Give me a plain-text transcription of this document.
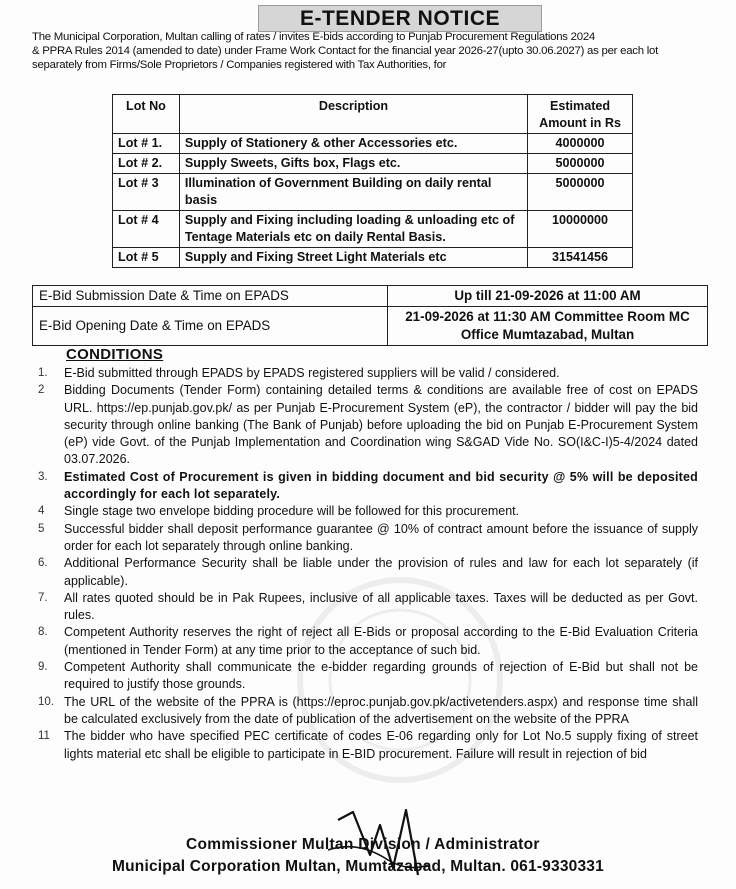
E-TENDER NOTICE

The Municipal Corporation, Multan calling of rates / invites E-bids according to Punjab Procurement Regulations 2024

& PPRA Rules 2014 (amended to date) under Frame Work Contact for the financial year 2026-27(upto 30.06.2027) as per each lot

separately from Firms/Sole Proprietors / Companies registered with Tax Authorities, for

Lot No	Description	Estimated Amount in Rs
Lot # 1.	Supply of Stationery & other Accessories etc.	4000000
Lot # 2.	Supply Sweets, Gifts box, Flags etc.	5000000
Lot # 3	Illumination of Government Building on daily rental basis	5000000
Lot # 4	Supply and Fixing including loading & unloading etc of Tentage Materials etc on daily Rental Basis.	10000000
Lot # 5	Supply and Fixing Street Light Materials etc	31541456
E-Bid Submission Date & Time on EPADS	Up till 21-09-2026 at 11:00 AM
E-Bid Opening Date & Time on EPADS	21-09-2026 at 11:30 AM Committee Room MC
Office Mumtazabad, Multan
CONDITIONS
1.	E-Bid submitted through EPADS by EPADS registered suppliers will be valid / considered.
2	Bidding Documents (Tender Form) containing detailed terms & conditions are available free of cost on EPADS URL. https://ep.punjab.gov.pk/ as per Punjab E-Procurement System (eP), the contractor / bidder will pay the bid security through online banking (The Bank of Punjab) before uploading the bid on Punjab E-Procurement System (eP) vide Govt. of the Punjab Implementation and Coordination wing S&GAD Vide No. SO(I&C-I)5-4/2024 dated 03.07.2026.
3.	Estimated Cost of Procurement is given in bidding document and bid security @ 5% will be deposited accordingly for each lot separately.
4	Single stage two envelope bidding procedure will be followed for this procurement.
5	Successful bidder shall deposit performance guarantee @ 10% of contract amount before the issuance of supply order for each lot separately through online banking.
6.	Additional Performance Security shall be liable under the provision of rules and law for each lot separately (if applicable).
7.	All rates quoted should be in Pak Rupees, inclusive of all applicable taxes. Taxes will be deducted as per Govt. rules.
8.	Competent Authority reserves the right of reject all E-Bids or proposal according to the E-Bid Evaluation Criteria (mentioned in Tender Form) at any time prior to the acceptance of such bid.
9.	Competent Authority shall communicate the e-bidder regarding grounds of rejection of E-Bid but shall not be required to justify those grounds.
10. The URL of the website of the PPRA is (https://eproc.punjab.gov.pk/activetenders.aspx) and response time shall be calculated exclusively from the date of publication of the advertisement on the website of the PPRA
11	The bidder who have specified PEC certificate of codes E-06 regarding only for Lot No.5 supply fixing of street lights material etc shall be eligible to participate in E-BID procurement. Failure will result in rejection of bid
Commissioner Multan Division / Administrator
Municipal Corporation Multan, Mumtazabad, Multan. 061-9330331
